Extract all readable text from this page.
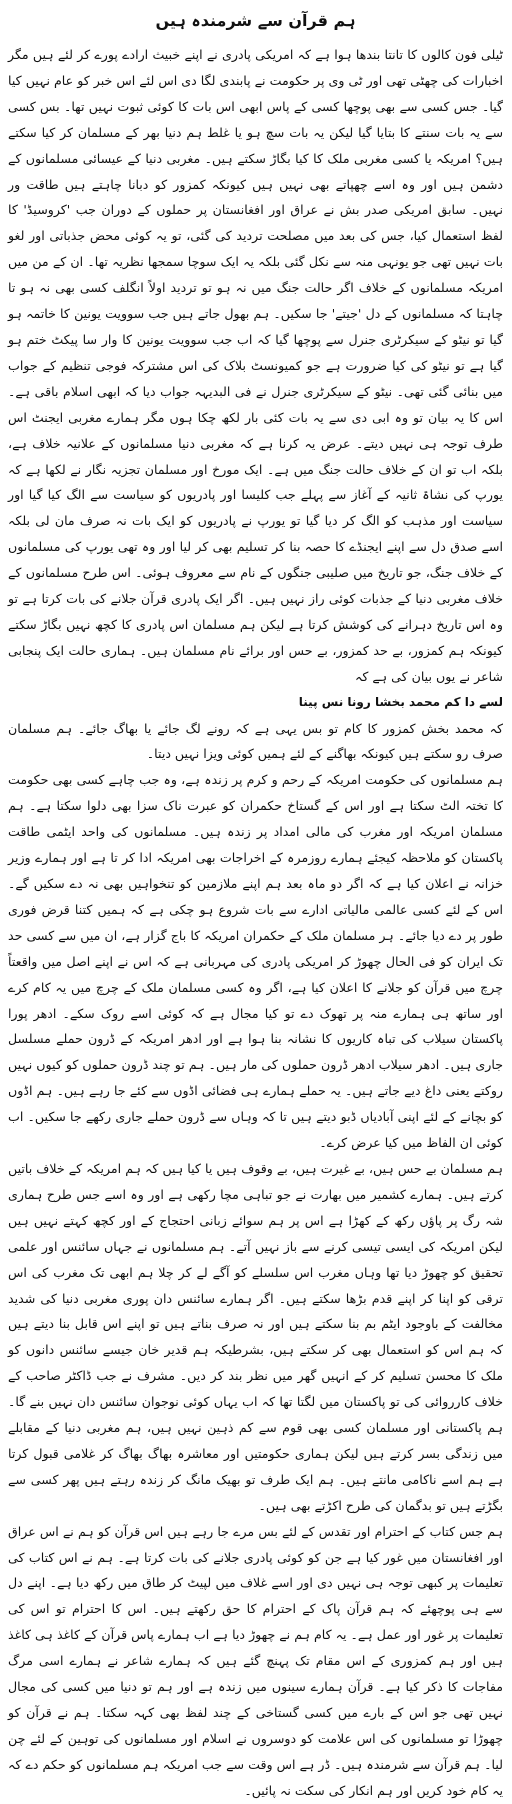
ہم قرآن سے شرمندہ ہیں

ٹیلی فون کالوں کا تانتا بندھا ہوا ہے کہ امریکی پادری نے اپنے خبیث ارادے پورے کر لئے ہیں مگر اخبارات کی چھٹی تھی اور ٹی وی پر حکومت نے پابندی لگا دی اس لئے اس خبر کو عام نہیں کیا گیا۔ جس کسی سے بھی پوچھا کسی کے پاس ابھی اس بات کا کوئی ثبوت نہیں تھا۔ بس کسی سے یہ بات سنتے کا بتایا گیا لیکن یہ بات سچ ہو یا غلط ہم دنیا بھر کے مسلمان کر کیا سکتے ہیں؟ امریکہ یا کسی مغربی ملک کا کیا بگاڑ سکتے ہیں۔ مغربی دنیا کے عیسائی مسلمانوں کے دشمن ہیں اور وہ اسے چھپاتے بھی نہیں ہیں کیونکہ کمزور کو دبانا چاہتے ہیں طاقت ور نہیں۔ سابق امریکی صدر بش نے عراق اور افغانستان پر حملوں کے دوران جب 'کروسیڈ' کا لفظ استعمال کیا، جس کی بعد میں مصلحت تردید کی گئی، تو یہ کوئی محض جذباتی اور لغو بات نہیں تھی جو یونہی منہ سے نکل گئی بلکہ یہ ایک سوچا سمجھا نظریہ تھا۔ ان کے من میں امریکہ مسلمانوں کے خلاف اگر حالت جنگ میں نہ ہو تو تردید اولاً انگلف کسی بھی نہ ہو تا چاہتا کہ مسلمانوں کے دل 'جیتے' جا سکیں۔ ہم بھول جاتے ہیں جب سوویت یونین کا خاتمہ ہو گیا تو نیٹو کے سیکرٹری جنرل سے پوچھا گیا کہ اب جب سوویت یونین کا وار سا پیکٹ ختم ہو گیا ہے تو نیٹو کی کیا ضرورت ہے جو کمیونسٹ بلاک کی اس مشترکہ فوجی تنظیم کے جواب میں بنائی گئی تھی۔ نیٹو کے سیکرٹری جنرل نے فی البدیہہ جواب دیا کہ ابھی اسلام باقی ہے۔ اس کا یہ بیان تو وہ ابی دی سے یہ بات کئی بار لکھ چکا ہوں مگر ہمارے مغربی ایجنٹ اس طرف توجہ ہی نہیں دیتے۔ عرض یہ کرنا ہے کہ مغربی دنیا مسلمانوں کے علانیہ خلاف ہے، بلکہ اب تو ان کے خلاف حالت جنگ میں ہے۔ ایک مورخ اور مسلمان تجزیہ نگار نے لکھا ہے کہ یورپ کی نشاۃ ثانیہ کے آغاز سے پہلے جب کلیسا اور پادریوں کو سیاست سے الگ کیا گیا اور سیاست اور مذہب کو الگ کر دیا گیا تو یورپ نے پادریوں کو ایک بات نہ صرف مان لی بلکہ اسے صدق دل سے اپنے ایجنڈے کا حصہ بنا کر تسلیم بھی کر لیا اور وہ تھی یورپ کی مسلمانوں کے خلاف جنگ، جو تاریخ میں صلیبی جنگوں کے نام سے معروف ہوئی۔ اس طرح مسلمانوں کے خلاف مغربی دنیا کے جذبات کوئی راز نہیں ہیں۔ اگر ایک پادری قرآن جلانے کی بات کرتا ہے تو وہ اس تاریخ دہرانے کی کوشش کرتا ہے لیکن ہم مسلمان اس پادری کا کچھ نہیں بگاڑ سکتے کیونکہ ہم کمزور، بے حد کمزور، بے حس اور برائے نام مسلمان ہیں۔ ہماری حالت ایک پنجابی شاعر نے یوں بیان کی ہے کہ

لسے دا کم محمد بخشا رونا نس پینا

کہ محمد بخش کمزور کا کام تو بس یہی ہے کہ رونے لگ جائے یا بھاگ جائے۔ ہم مسلمان صرف رو سکتے ہیں کیونکہ بھاگنے کے لئے ہمیں کوئی ویزا نہیں دیتا۔

ہم مسلمانوں کی حکومت امریکہ کے رحم و کرم پر زندہ ہے، وہ جب چاہے کسی بھی حکومت کا تختہ الٹ سکتا ہے اور اس کے گستاخ حکمران کو عبرت ناک سزا بھی دلوا سکتا ہے۔ ہم مسلمان امریکہ اور مغرب کی مالی امداد پر زندہ ہیں۔ مسلمانوں کی واحد ایٹمی طاقت پاکستان کو ملاحظہ کیجئے ہمارے روزمرہ کے اخراجات بھی امریکہ ادا کر تا ہے اور ہمارے وزیر خزانہ نے اعلان کیا ہے کہ اگر دو ماہ بعد ہم اپنے ملازمین کو تنخواہیں بھی نہ دے سکیں گے۔ اس کے لئے کسی عالمی مالیاتی ادارے سے بات شروع ہو چکی ہے کہ ہمیں کتنا قرض فوری طور پر دے دیا جائے۔ ہر مسلمان ملک کے حکمران امریکہ کا باج گزار ہے، ان میں سے کسی حد تک ایران کو فی الحال چھوڑ کر امریکی پادری کی مہربانی ہے کہ اس نے اپنے اصل میں واقعتاً چرچ میں قرآن کو جلانے کا اعلان کیا ہے، اگر وہ کسی مسلمان ملک کے چرچ میں یہ کام کرے اور ساتھ ہی ہمارے منہ پر تھوک دے تو کیا مجال ہے کہ کوئی اسے روک سکے۔ ادھر پورا پاکستان سیلاب کی تباہ کاریوں کا نشانہ بنا ہوا ہے اور ادھر امریکہ کے ڈرون حملے مسلسل جاری ہیں۔ ادھر سیلاب ادھر ڈرون حملوں کی مار ہیں۔ ہم تو چند ڈرون حملوں کو کیوں نہیں روکتے یعنی داغ دیے جاتے ہیں۔ یہ حملے ہمارے ہی فضائی اڈوں سے کئے جا رہے ہیں۔ ہم اڈوں کو بچانے کے لئے اپنی آبادیاں ڈبو دیتے ہیں تا کہ وہاں سے ڈرون حملے جاری رکھے جا سکیں۔ اب کوئی ان الفاظ میں کیا عرض کرے۔

ہم مسلمان بے حس ہیں، بے غیرت ہیں، بے وقوف ہیں یا کیا ہیں کہ ہم امریکہ کے خلاف باتیں کرتے ہیں۔ ہمارے کشمیر میں بھارت نے جو تباہی مچا رکھی ہے اور وہ اسے جس طرح ہماری شہ رگ پر پاؤں رکھ کے کھڑا ہے اس پر ہم سوائے زبانی احتجاج کے اور کچھ کہتے نہیں ہیں لیکن امریکہ کی ایسی تیسی کرنے سے باز نہیں آتے۔ ہم مسلمانوں نے جہاں سائنس اور علمی تحقیق کو چھوڑ دیا تھا وہاں مغرب اس سلسلے کو آگے لے کر چلا ہم ابھی تک مغرب کی اس ترقی کو اپنا کر اپنے قدم بڑھا سکتے ہیں۔ اگر ہمارے سائنس دان پوری مغربی دنیا کی شدید مخالفت کے باوجود ایٹم بم بنا سکتے ہیں اور نہ صرف بناتے ہیں تو اپنے اس قابل بنا دیتے ہیں کہ ہم اس کو استعمال بھی کر سکتے ہیں، بشرطیکہ ہم قدیر خان جیسے سائنس دانوں کو ملک کا محسن تسلیم کر کے انہیں گھر میں نظر بند کر دیں۔ مشرف نے جب ڈاکٹر صاحب کے خلاف کارروائی کی تو پاکستان میں لگتا تھا کہ اب یہاں کوئی نوجوان سائنس دان نہیں بنے گا۔ ہم پاکستانی اور مسلمان کسی بھی قوم سے کم ذہین نہیں ہیں، ہم مغربی دنیا کے مقابلے میں زندگی بسر کرتے ہیں لیکن ہماری حکومتیں اور معاشرہ بھاگ بھاگ کر غلامی قبول کرتا ہے ہم اسے ناکامی مانتے ہیں۔ ہم ایک طرف تو بھیک مانگ کر زندہ رہتے ہیں پھر کسی سے بگڑتے ہیں تو بدگمان کی طرح اکڑتے بھی ہیں۔

ہم جس کتاب کے احترام اور تقدس کے لئے بس مرے جا رہے ہیں اس قرآن کو ہم نے اس عراق اور افغانستان میں غور کیا ہے جن کو کوئی پادری جلانے کی بات کرتا ہے۔ ہم نے اس کتاب کی تعلیمات پر کبھی توجہ ہی نہیں دی اور اسے غلاف میں لپیٹ کر طاق میں رکھ دیا ہے۔ اپنے دل سے ہی پوچھئے کہ ہم قرآن پاک کے احترام کا حق رکھتے ہیں۔ اس کا احترام تو اس کی تعلیمات پر غور اور عمل ہے۔ یہ کام ہم نے چھوڑ دیا ہے اب ہمارے پاس قرآن کے کاغذ ہی کاغذ ہیں اور ہم کمزوری کے اس مقام تک پہنچ گئے ہیں کہ ہمارے شاعر نے ہمارے اسی مرگ مفاجات کا ذکر کیا ہے۔ قرآن ہمارے سینوں میں زندہ ہے اور ہم تو دنیا میں کسی کی مجال نہیں تھی جو اس کے بارے میں کسی گستاخی کے چند لفظ بھی کہہ سکتا۔ ہم نے قرآن کو چھوڑا تو مسلمانوں کی اس علامت کو دوسروں نے اسلام اور مسلمانوں کی توہین کے لئے چن لیا۔ ہم قرآن سے شرمندہ ہیں۔ ڈر ہے اس وقت سے جب امریکہ ہم مسلمانوں کو حکم دے کہ یہ کام خود کریں اور ہم انکار کی سکت نہ پائیں۔
